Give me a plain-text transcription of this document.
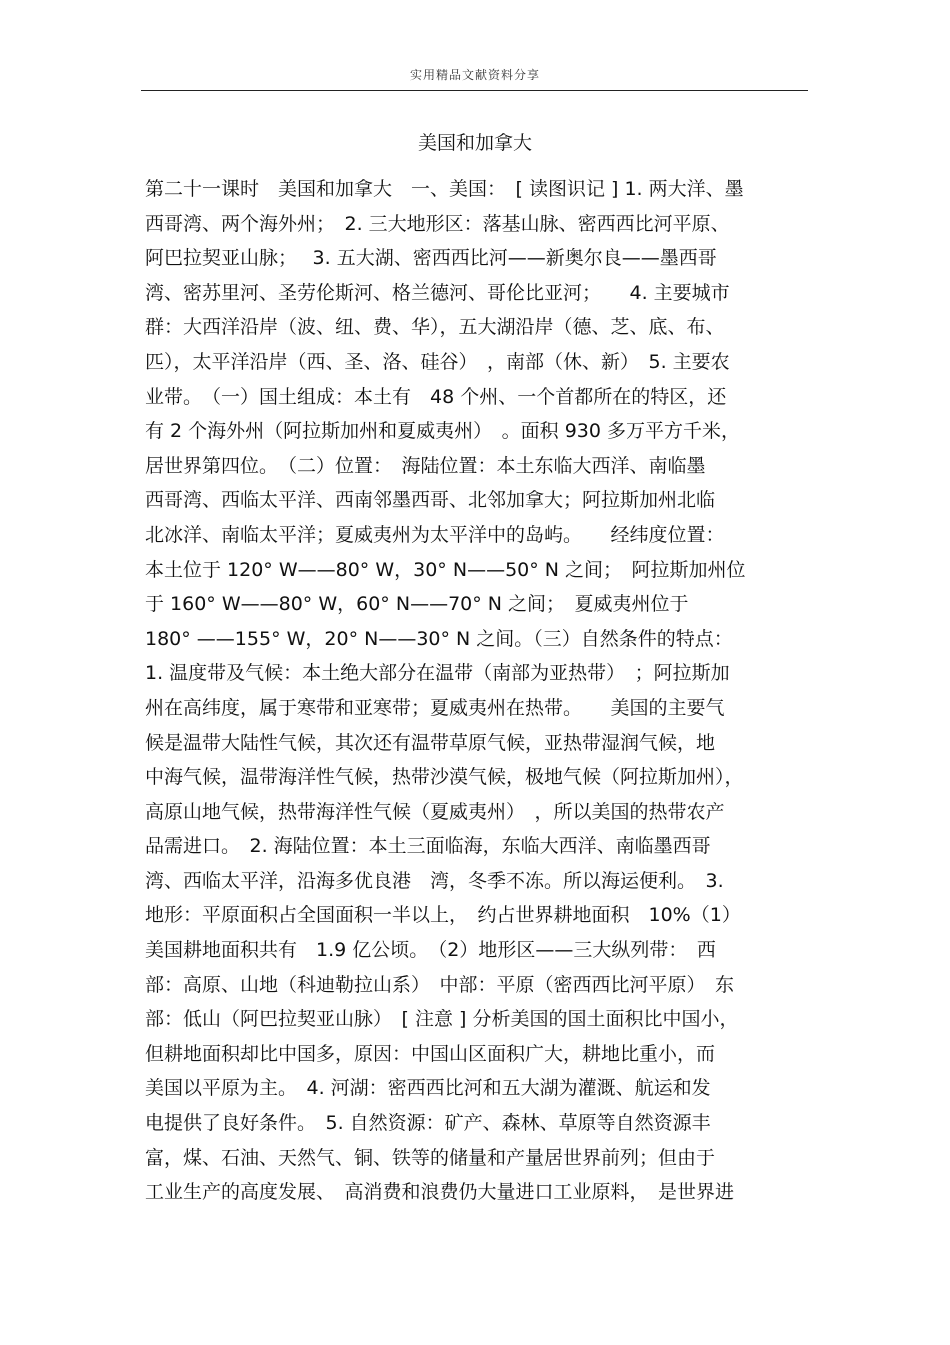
实用精品文献资料分享
美国和加拿大
第二十一课时　美国和加拿大　一、美国：　[ 读图识记 ] 1. 两大洋、墨
西哥湾、两个海外州；　2. 三大地形区：落基山脉、密西西比河平原、
阿巴拉契亚山脉；　 3. 五大湖、密西西比河——新奥尔良——墨西哥
湾、密苏里河、圣劳伦斯河、格兰德河、哥伦比亚河；　　4. 主要城市
群：大西洋沿岸（波、纽、费、华），五大湖沿岸（德、芝、底、布、
匹），太平洋沿岸（西、圣、洛、硅谷）　，南部（休、新）　5. 主要农
业带。　（一）国土组成：本土有　48 个州、一个首都所在的特区，还
有 2 个海外州（阿拉斯加州和夏威夷州）　。面积 930 多万平方千米，
居世界第四位。　（二）位置：　海陆位置：本土东临大西洋、南临墨
西哥湾、西临太平洋、西南邻墨西哥、北邻加拿大；阿拉斯加州北临
北冰洋、南临太平洋；夏威夷州为太平洋中的岛屿。　　经纬度位置：
本土位于 120° W——80° W，30° N——50° N 之间；　阿拉斯加州位
于 160° W——80° W，60° N——70° N 之间；　夏威夷州位于
180° ——155° W，20° N——30° N 之间。（三）自然条件的特点：
1. 温度带及气候：本土绝大部分在温带（南部为亚热带）　；阿拉斯加
州在高纬度，属于寒带和亚寒带；夏威夷州在热带。　　美国的主要气
候是温带大陆性气候，其次还有温带草原气候，亚热带湿润气候，地
中海气候，温带海洋性气候，热带沙漠气候，极地气候（阿拉斯加州），
高原山地气候，热带海洋性气候（夏威夷州）　，所以美国的热带农产
品需进口。　2. 海陆位置：本土三面临海，东临大西洋、南临墨西哥
湾、西临太平洋，沿海多优良港　湾，冬季不冻。所以海运便利。　3.
地形：平原面积占全国面积一半以上，　约占世界耕地面积　10%（1）
美国耕地面积共有　1.9 亿公顷。　（2）地形区——三大纵列带：　西
部：高原、山地（科迪勒拉山系）　中部：平原（密西西比河平原）　东
部：低山（阿巴拉契亚山脉）　[ 注意 ] 分析美国的国土面积比中国小，
但耕地面积却比中国多，原因：中国山区面积广大，耕地比重小，而
美国以平原为主。　4. 河湖：密西西比河和五大湖为灌溉、航运和发
电提供了良好条件。　5. 自然资源：矿产、森林、草原等自然资源丰
富，煤、石油、天然气、铜、铁等的储量和产量居世界前列；但由于
工业生产的高度发展、　高消费和浪费仍大量进口工业原料，　是世界进
